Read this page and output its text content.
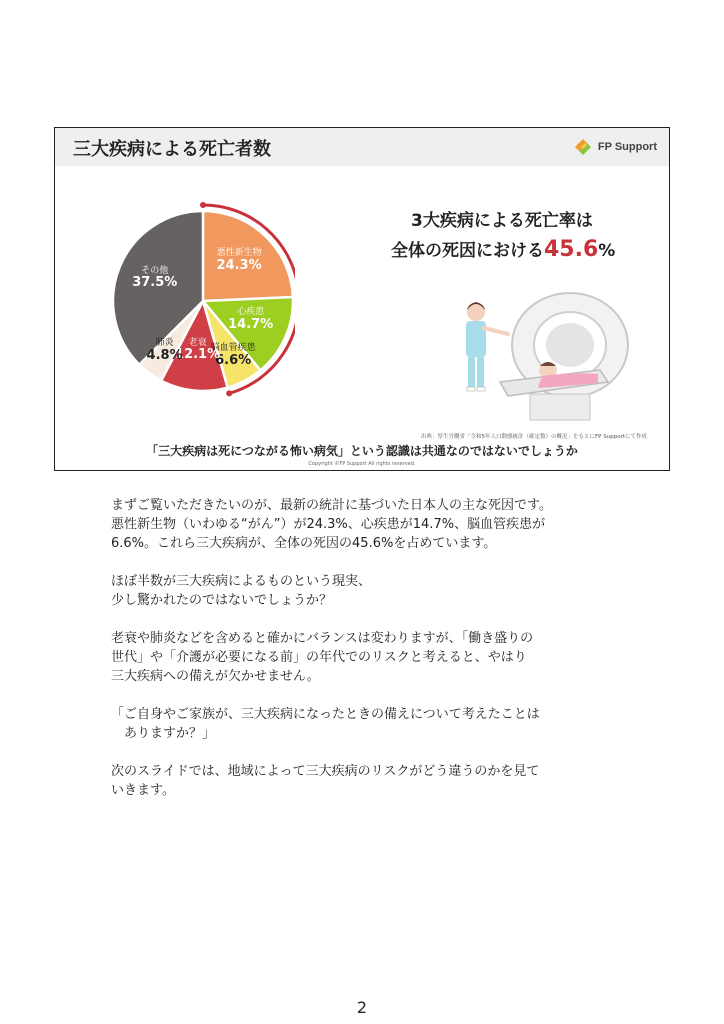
三大疾病による死亡者数	FP Support
悪性新生物
24.3%
心疾患
14.7%
脳血管疾患
6.6%
老衰
12.1%
肺炎
4.8%
その他
37.5%
3大疾病による死亡率は
全体の死因における45.6%
出典：厚生労働省「令和5年人口動態統計（確定数）の概況」をもとにFP Supportにて作成
「三大疾病は死につながる怖い病気」という認識は共通なのではないでしょうか
Copyright ©FP Support All rights reserved.

まずご覧いただきたいのが、最新の統計に基づいた日本人の主な死因です。
悪性新生物（いわゆる“がん”）が24.3%、心疾患が14.7%、脳血管疾患が
6.6%。これら三大疾病が、全体の死因の45.6%を占めています。

ほぼ半数が三大疾病によるものという現実、
少し驚かれたのではないでしょうか？

老衰や肺炎などを含めると確かにバランスは変わりますが、「働き盛りの
世代」や「介護が必要になる前」の年代でのリスクと考えると、やはり
三大疾病への備えが欠かせません。

「ご自身やご家族が、三大疾病になったときの備えについて考えたことは
　ありますか？」

次のスライドでは、地域によって三大疾病のリスクがどう違うのかを見て
いきます。

2
